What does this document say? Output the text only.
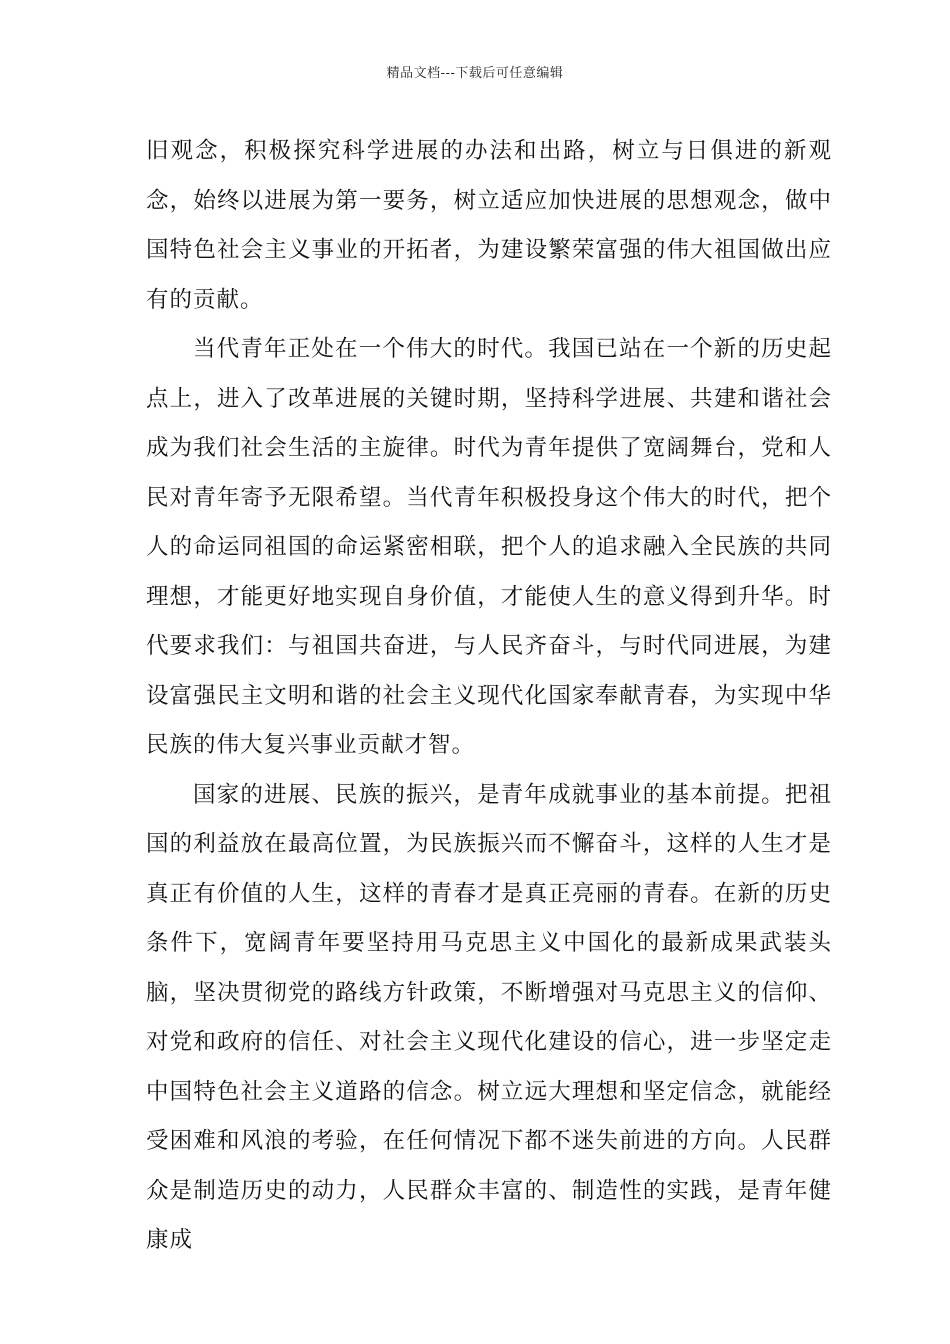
精品文档---下载后可任意编辑

旧观念，积极探究科学进展的办法和出路，树立与日俱进的新观念，始终以进展为第一要务，树立适应加快进展的思想观念，做中国特色社会主义事业的开拓者，为建设繁荣富强的伟大祖国做出应有的贡献。

当代青年正处在一个伟大的时代。我国已站在一个新的历史起点上，进入了改革进展的关键时期，坚持科学进展、共建和谐社会成为我们社会生活的主旋律。时代为青年提供了宽阔舞台，党和人民对青年寄予无限希望。当代青年积极投身这个伟大的时代，把个人的命运同祖国的命运紧密相联，把个人的追求融入全民族的共同理想，才能更好地实现自身价值，才能使人生的意义得到升华。时代要求我们：与祖国共奋进，与人民齐奋斗，与时代同进展，为建设富强民主文明和谐的社会主义现代化国家奉献青春，为实现中华民族的伟大复兴事业贡献才智。

国家的进展、民族的振兴，是青年成就事业的基本前提。把祖国的利益放在最高位置，为民族振兴而不懈奋斗，这样的人生才是真正有价值的人生，这样的青春才是真正亮丽的青春。在新的历史条件下，宽阔青年要坚持用马克思主义中国化的最新成果武装头脑，坚决贯彻党的路线方针政策，不断增强对马克思主义的信仰、对党和政府的信任、对社会主义现代化建设的信心，进一步坚定走中国特色社会主义道路的信念。树立远大理想和坚定信念，就能经受困难和风浪的考验，在任何情况下都不迷失前进的方向。人民群众是制造历史的动力，人民群众丰富的、制造性的实践，是青年健康成
